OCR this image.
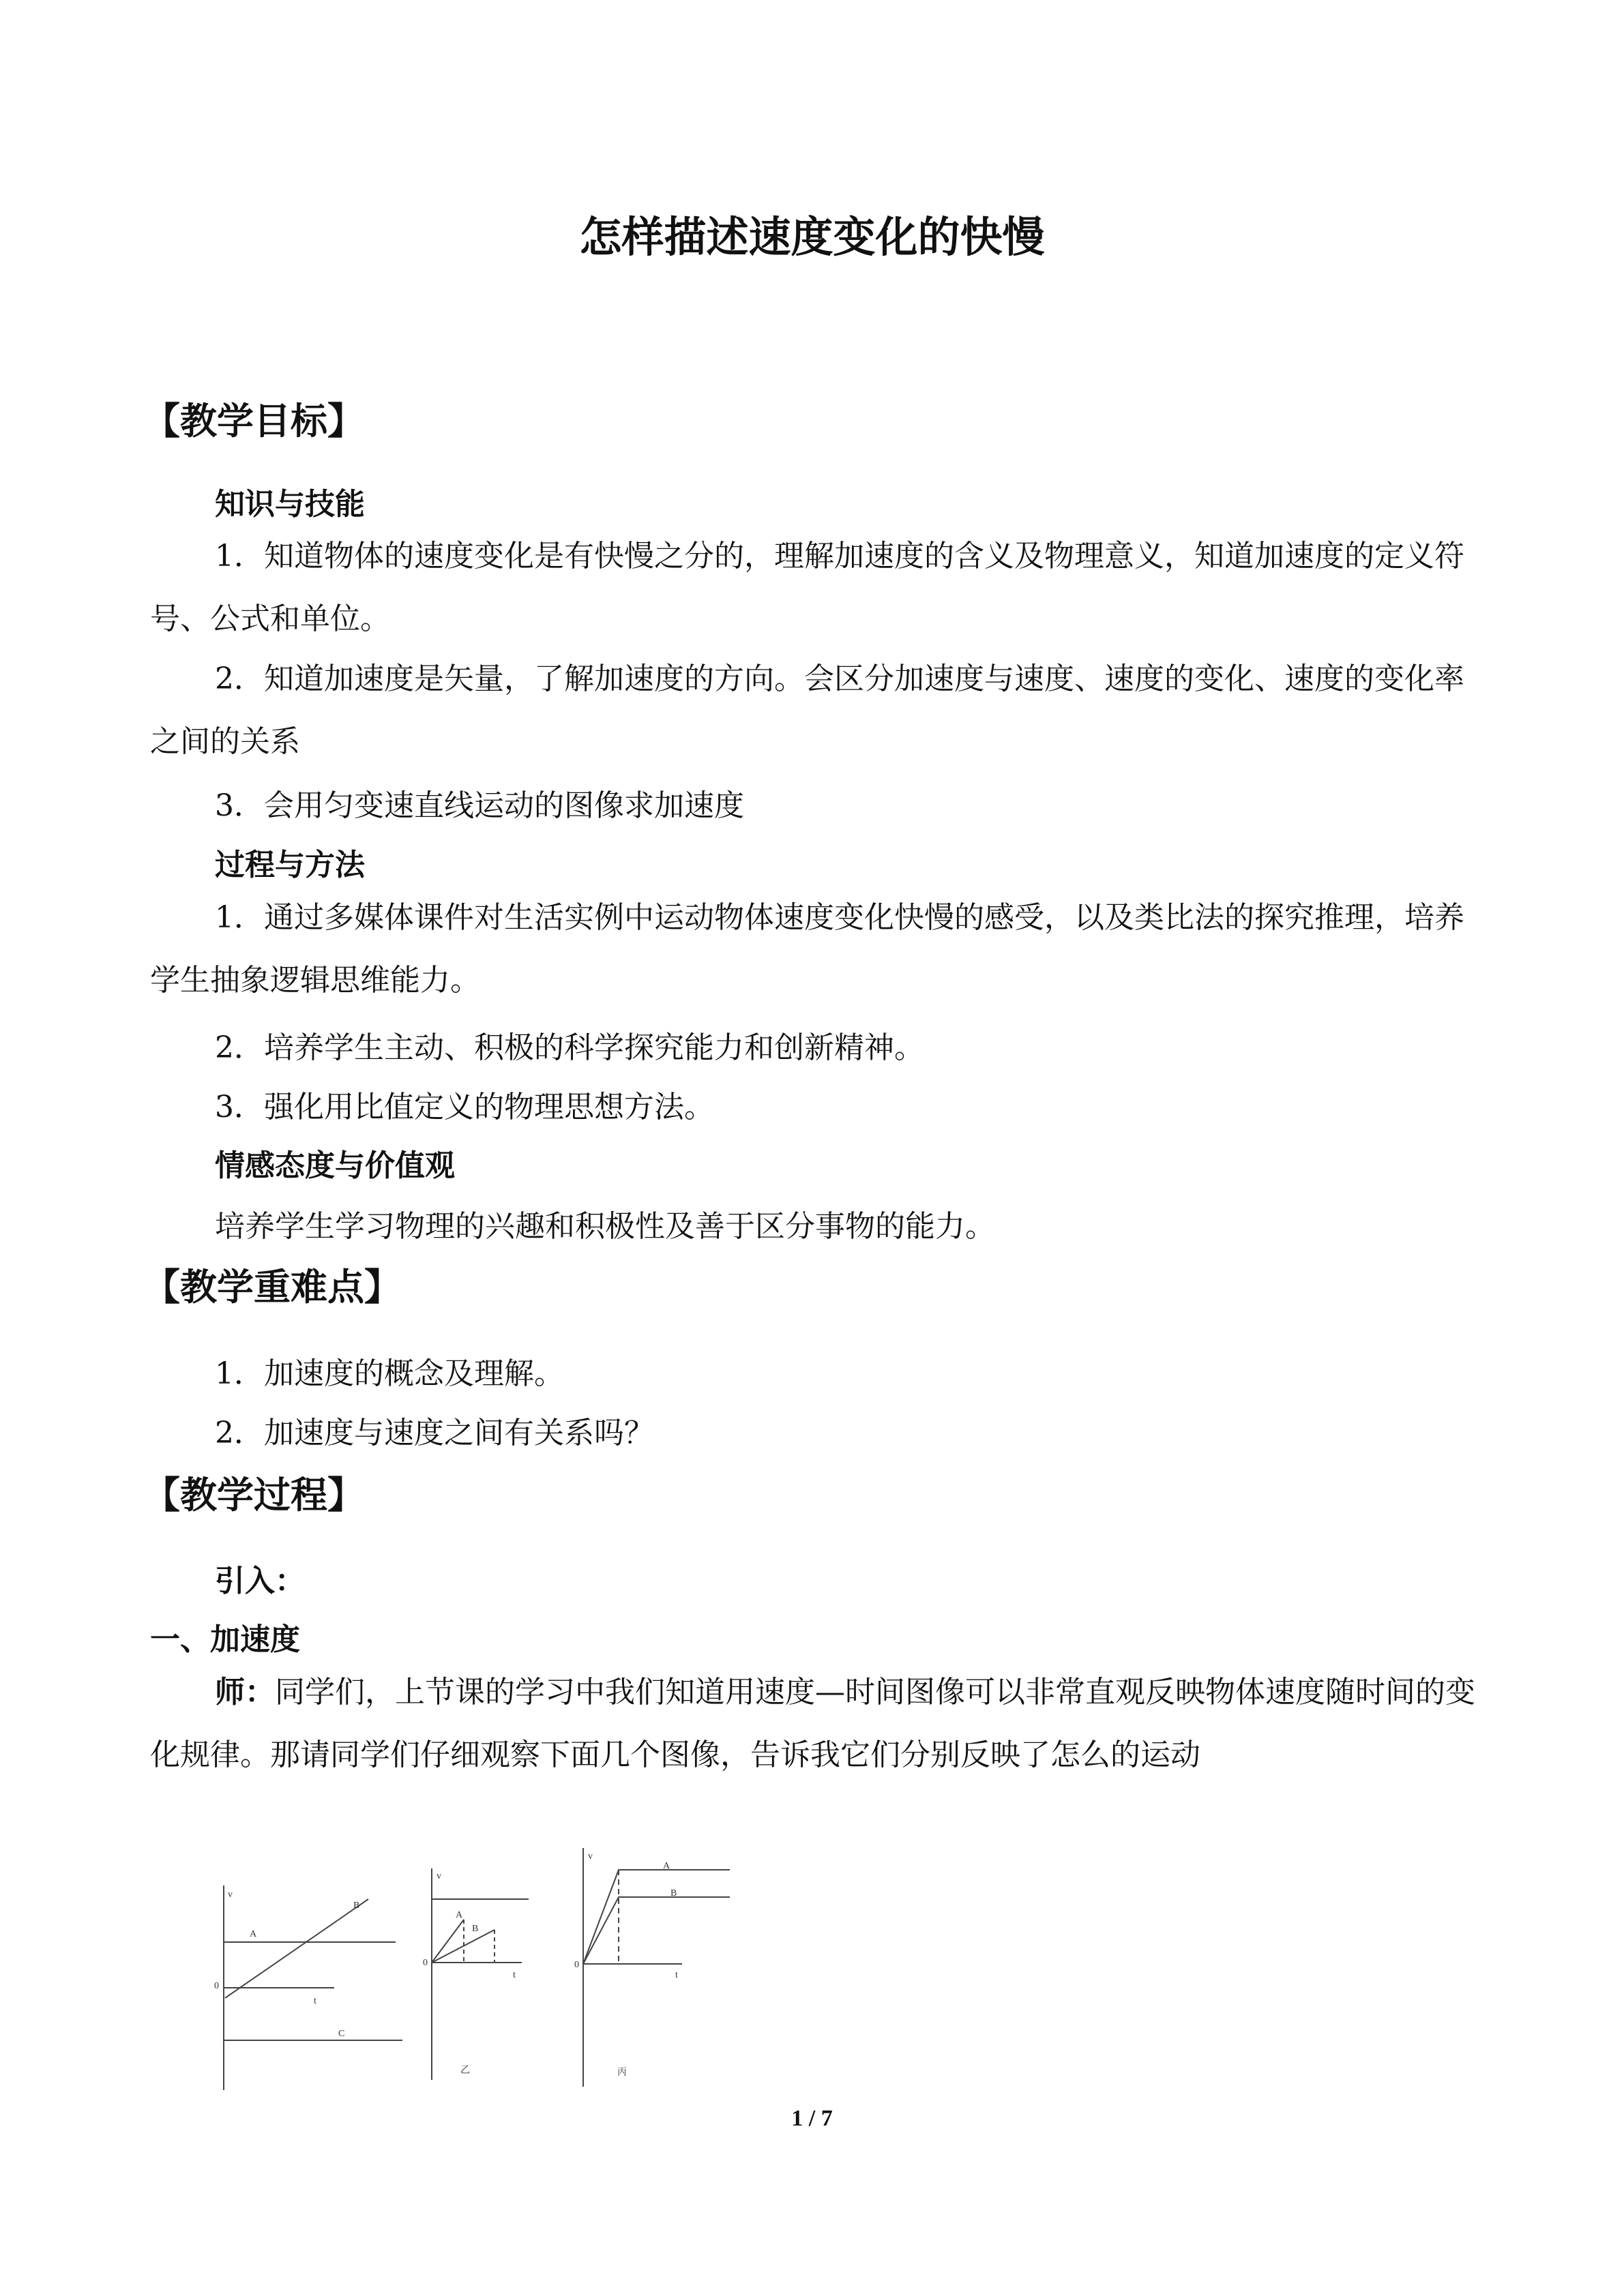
怎样描述速度变化的快慢
【教学目标】
知识与技能
1．知道物体的速度变化是有快慢之分的，理解加速度的含义及物理意义，知道加速度的定义符号、公式和单位。
2．知道加速度是矢量，了解加速度的方向。会区分加速度与速度、速度的变化、速度的变化率之间的关系
3．会用匀变速直线运动的图像求加速度
过程与方法
1．通过多媒体课件对生活实例中运动物体速度变化快慢的感受，以及类比法的探究推理，培养学生抽象逻辑思维能力。
2．培养学生主动、积极的科学探究能力和创新精神。
3．强化用比值定义的物理思想方法。
情感态度与价值观
培养学生学习物理的兴趣和积极性及善于区分事物的能力。
【教学重难点】
1．加速度的概念及理解。
2．加速度与速度之间有关系吗？
【教学过程】
引入：
一、加速度
师：同学们，上节课的学习中我们知道用速度—时间图像可以非常直观反映物体速度随时间的变化规律。那请同学们仔细观察下面几个图像，告诉我它们分别反映了怎么的运动
v
0
t
A
B
C
v
0
t
A
B
乙
v
0
t
A
B
丙
1 / 7
